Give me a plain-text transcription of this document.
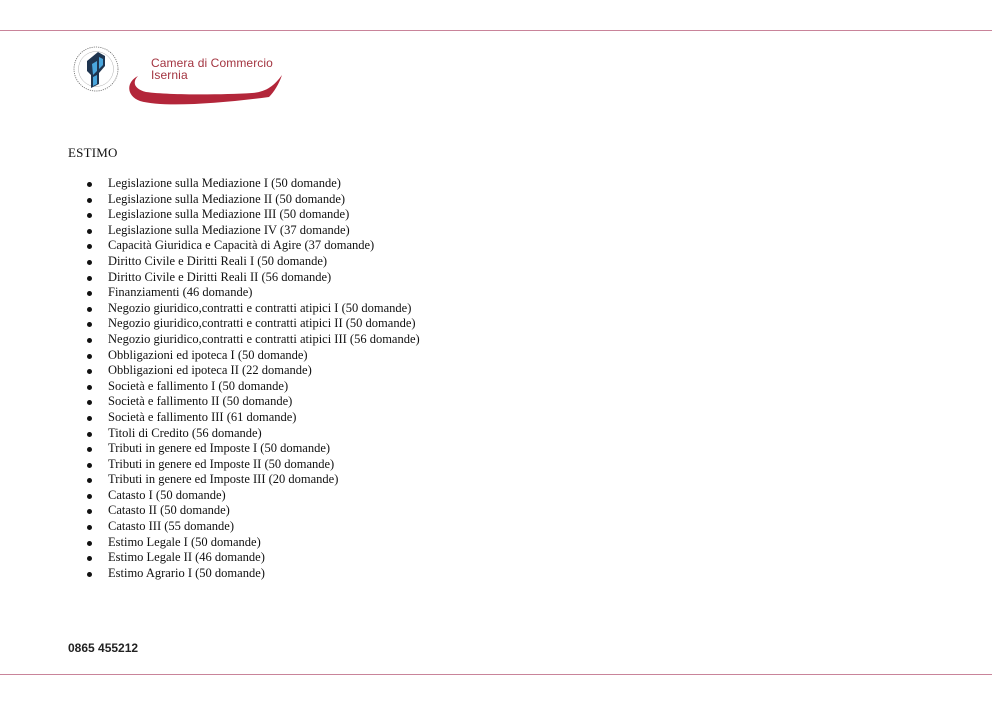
Camera di Commercio
Isernia
ESTIMO
Legislazione sulla Mediazione I (50 domande)
Legislazione sulla Mediazione II (50 domande)
Legislazione sulla Mediazione III (50 domande)
Legislazione sulla Mediazione IV (37 domande)
Capacità Giuridica e Capacità di Agire (37 domande)
Diritto Civile e Diritti Reali I (50 domande)
Diritto Civile e Diritti Reali II (56 domande)
Finanziamenti (46 domande)
Negozio giuridico,contratti e contratti atipici I (50 domande)
Negozio giuridico,contratti e contratti atipici II (50 domande)
Negozio giuridico,contratti e contratti atipici III (56 domande)
Obbligazioni ed ipoteca I (50 domande)
Obbligazioni ed ipoteca II (22 domande)
Società e fallimento I (50 domande)
Società e fallimento II (50 domande)
Società e fallimento III (61 domande)
Titoli di Credito (56 domande)
Tributi in genere ed Imposte I (50 domande)
Tributi in genere ed Imposte II (50 domande)
Tributi in genere ed Imposte III (20 domande)
Catasto I (50 domande)
Catasto II (50 domande)
Catasto III (55 domande)
Estimo Legale I (50 domande)
Estimo Legale II (46 domande)
Estimo Agrario I (50 domande)
0865 455212
